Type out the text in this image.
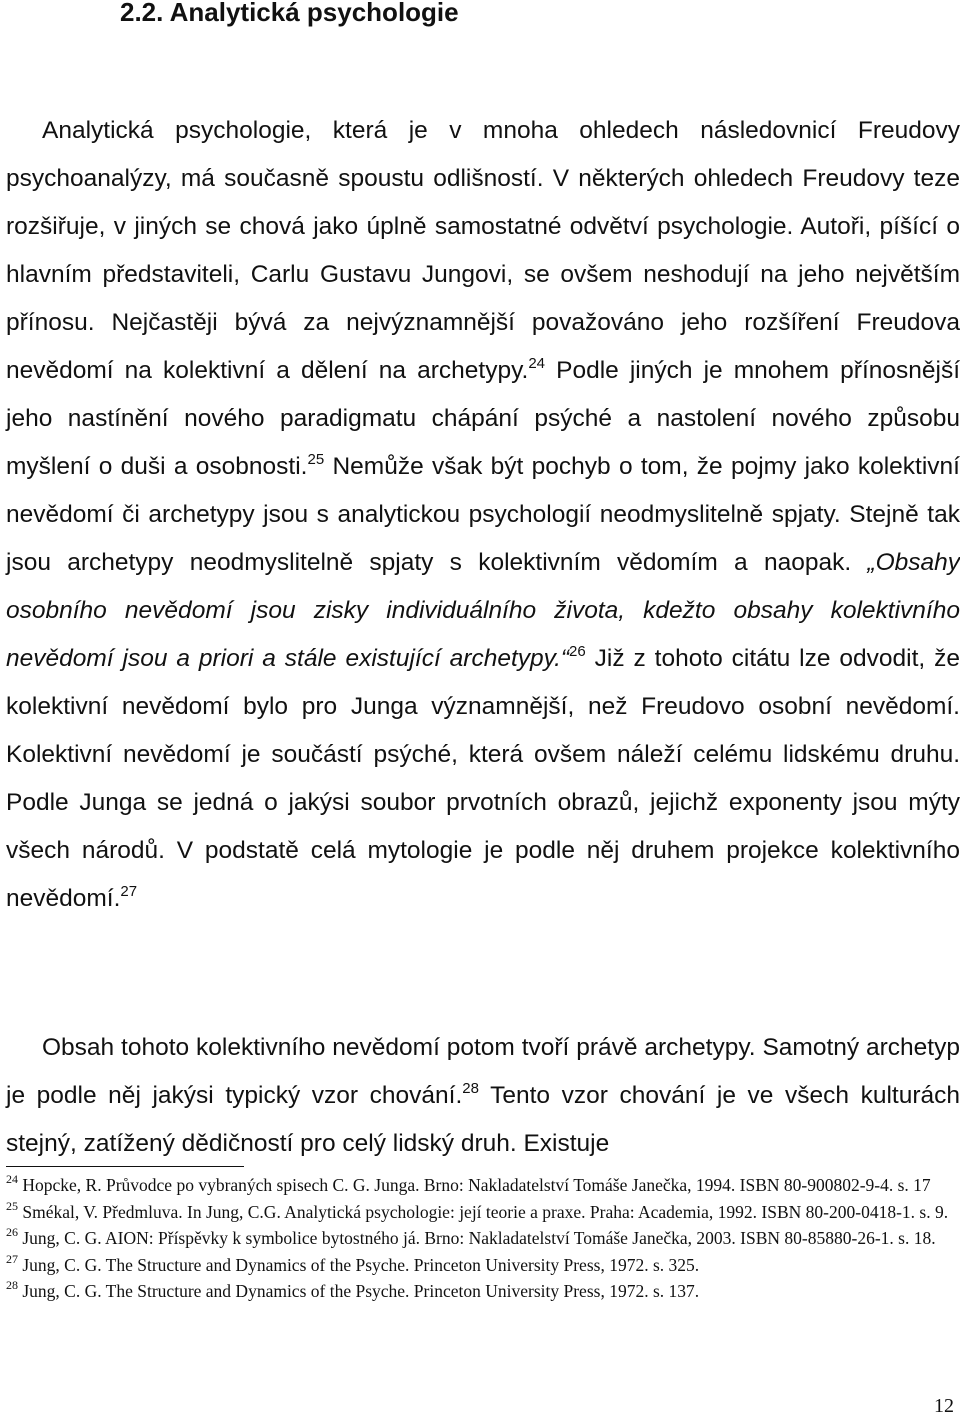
2.2. Analytická psychologie

Analytická psychologie, která je v mnoha ohledech následovnicí Freudovy psychoanalýzy, má současně spoustu odlišností. V některých ohledech Freudovy teze rozšiřuje, v jiných se chová jako úplně samostatné odvětví psychologie. Autoři, píšící o hlavním představiteli, Carlu Gustavu Jungovi, se ovšem neshodují na jeho největším přínosu. Nejčastěji bývá za nejvýznamnější považováno jeho rozšíření Freudova nevědomí na kolektivní a dělení na archetypy.$^{24}$ Podle jiných je mnohem přínosnější jeho nastínění nového paradigmatu chápání psýché a nastolení nového způsobu myšlení o duši a osobnosti.$^{25}$ Nemůže však být pochyb o tom, že pojmy jako kolektivní nevědomí či archetypy jsou s analytickou psychologií neodmyslitelně spjaty. Stejně tak jsou archetypy neodmyslitelně spjaty s kolektivním vědomím a naopak. „Obsahy osobního nevědomí jsou zisky individuálního života, kdežto obsahy kolektivního nevědomí jsou a priori a stále existující archetypy.“$^{26}$ Již z tohoto citátu lze odvodit, že kolektivní nevědomí bylo pro Junga významnější, než Freudovo osobní nevědomí. Kolektivní nevědomí je součástí psýché, která ovšem náleží celému lidskému druhu. Podle Junga se jedná o jakýsi soubor prvotních obrazů, jejichž exponenty jsou mýty všech národů. V podstatě celá mytologie je podle něj druhem projekce kolektivního nevědomí.$^{27}$

Obsah tohoto kolektivního nevědomí potom tvoří právě archetypy. Samotný archetyp je podle něj jakýsi typický vzor chování.$^{28}$ Tento vzor chování je ve všech kulturách stejný, zatížený dědičností pro celý lidský druh. Existuje

$^{24}$ Hopcke, R. Průvodce po vybraných spisech C. G. Junga. Brno: Nakladatelství Tomáše Janečka, 1994. ISBN 80-900802-9-4. s. 17

$^{25}$ Smékal, V. Předmluva. In Jung, C.G. Analytická psychologie: její teorie a praxe. Praha: Academia, 1992. ISBN 80-200-0418-1. s. 9.

$^{26}$ Jung, C. G. AION: Příspěvky k symbolice bytostného já. Brno: Nakladatelství Tomáše Janečka, 2003. ISBN 80-85880-26-1. s. 18.

$^{27}$ Jung, C. G. The Structure and Dynamics of the Psyche. Princeton University Press, 1972. s. 325.

$^{28}$ Jung, C. G. The Structure and Dynamics of the Psyche. Princeton University Press, 1972. s. 137.

12
